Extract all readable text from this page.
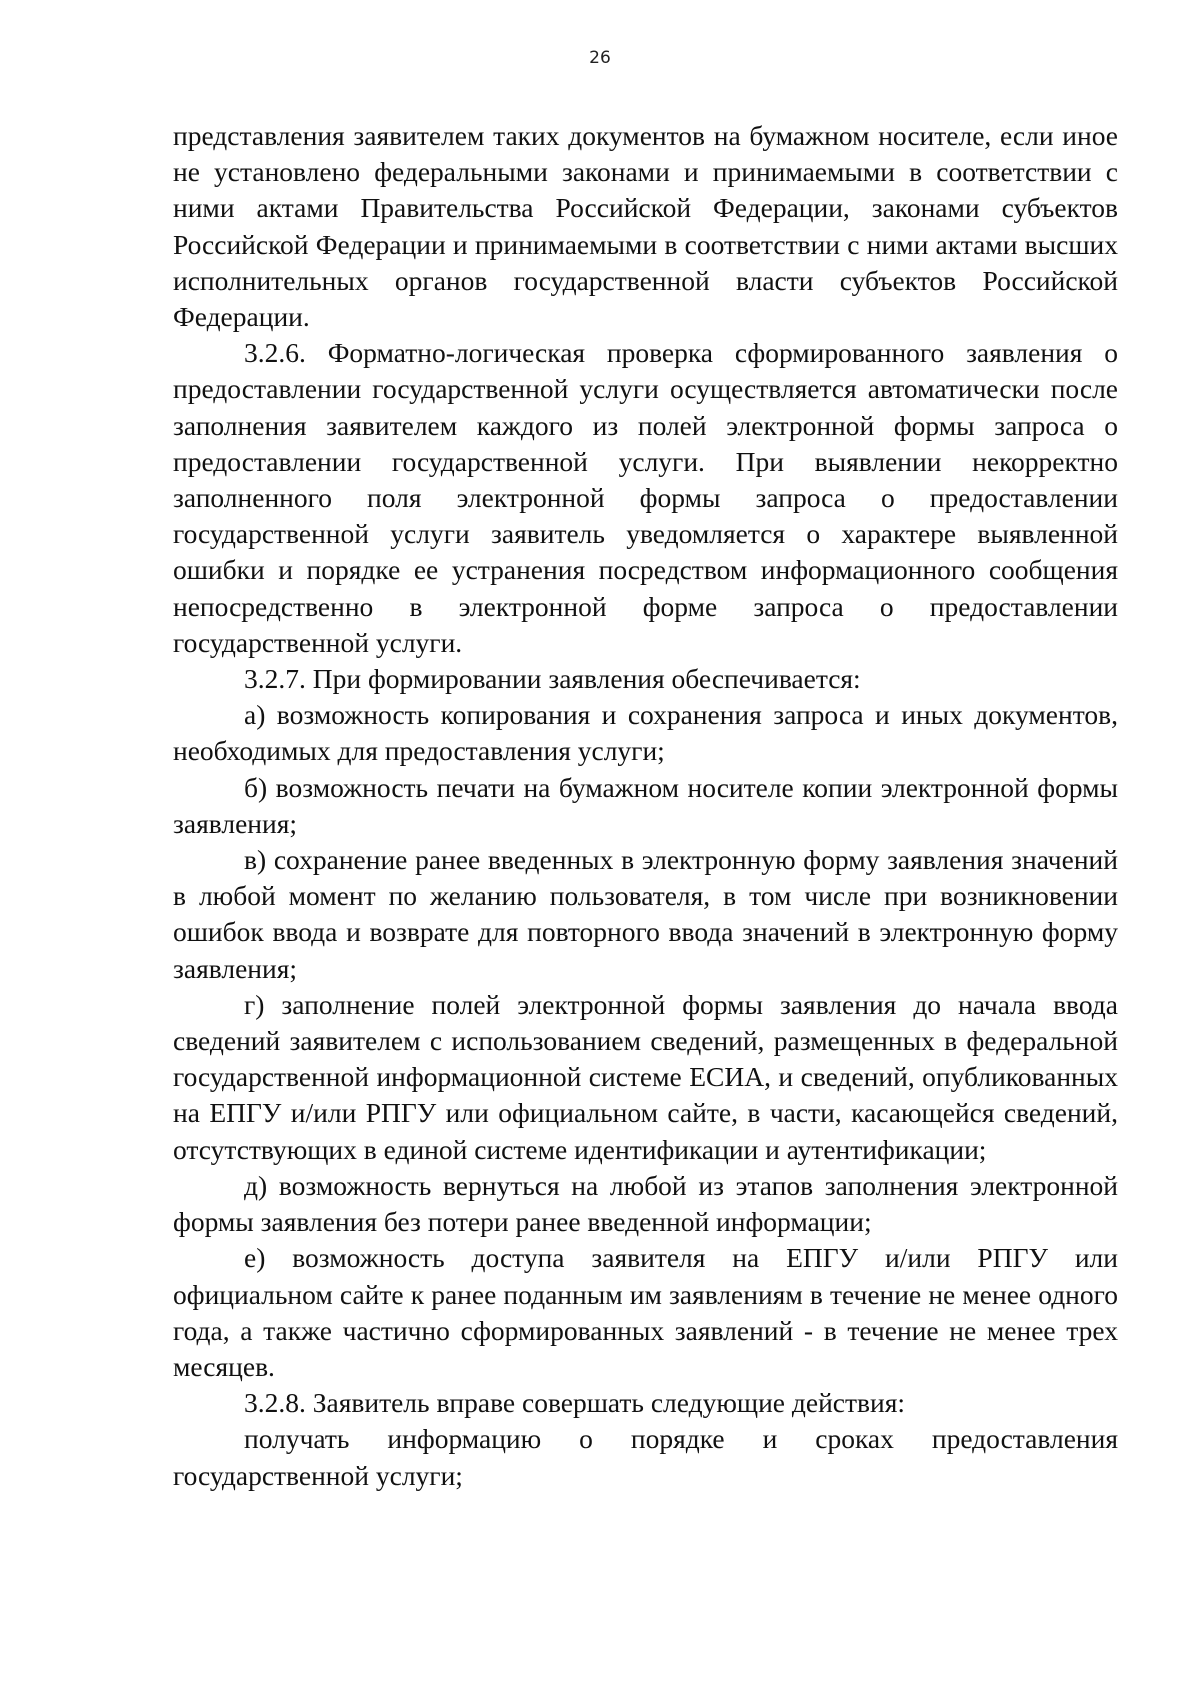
26

представления заявителем таких документов на бумажном носителе, если иное не установлено федеральными законами и принимаемыми в соответствии с ними актами Правительства Российской Федерации, законами субъектов Российской Федерации и принимаемыми в соответствии с ними актами высших исполнительных органов государственной власти субъектов Российской Федерации.

3.2.6. Форматно-логическая проверка сформированного заявления о предоставлении государственной услуги осуществляется автоматически после заполнения заявителем каждого из полей электронной формы запроса о предоставлении государственной услуги. При выявлении некорректно заполненного поля электронной формы запроса о предоставлении государственной услуги заявитель уведомляется о характере выявленной ошибки и порядке ее устранения посредством информационного сообщения непосредственно в электронной форме запроса о предоставлении государственной услуги.

3.2.7. При формировании заявления обеспечивается:

а) возможность копирования и сохранения запроса и иных документов, необходимых для предоставления услуги;

б) возможность печати на бумажном носителе копии электронной формы заявления;

в) сохранение ранее введенных в электронную форму заявления значений в любой момент по желанию пользователя, в том числе при возникновении ошибок ввода и возврате для повторного ввода значений в электронную форму заявления;

г) заполнение полей электронной формы заявления до начала ввода сведений заявителем с использованием сведений, размещенных в федеральной государственной информационной системе ЕСИА, и сведений, опубликованных на ЕПГУ и/или РПГУ или официальном сайте, в части, касающейся сведений, отсутствующих в единой системе идентификации и аутентификации;

д) возможность вернуться на любой из этапов заполнения электронной формы заявления без потери ранее введенной информации;

е) возможность доступа заявителя на ЕПГУ и/или РПГУ или официальном сайте к ранее поданным им заявлениям в течение не менее одного года, а также частично сформированных заявлений - в течение не менее трех месяцев.

3.2.8. Заявитель вправе совершать следующие действия:

получать информацию о порядке и сроках предоставления государственной услуги;
